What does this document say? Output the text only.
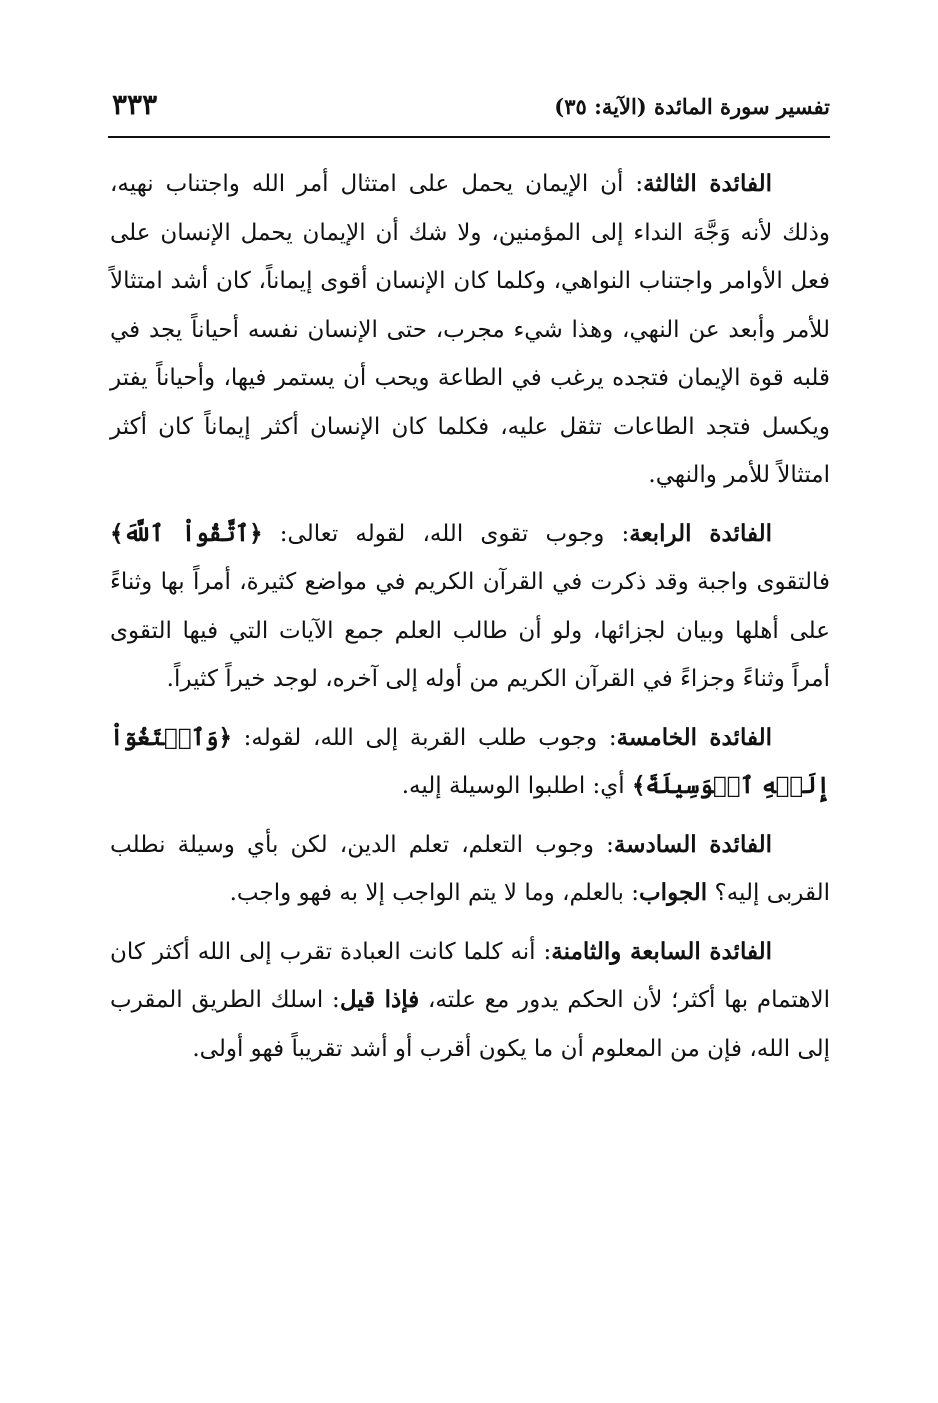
تفسير سورة المائدة (الآية: ٣٥)
٣٣٣

الفائدة الثالثة: أن الإيمان يحمل على امتثال أمر الله واجتناب نهيه، وذلك لأنه وَجَّهَ النداء إلى المؤمنين، ولا شك أن الإيمان يحمل الإنسان على فعل الأوامر واجتناب النواهي، وكلما كان الإنسان أقوى إيماناً، كان أشد امتثالاً للأمر وأبعد عن النهي، وهذا شيء مجرب، حتى الإنسان نفسه أحياناً يجد في قلبه قوة الإيمان فتجده يرغب في الطاعة ويحب أن يستمر فيها، وأحياناً يفتر ويكسل فتجد الطاعات تثقل عليه، فكلما كان الإنسان أكثر إيماناً كان أكثر امتثالاً للأمر والنهي.

الفائدة الرابعة: وجوب تقوى الله، لقوله تعالى: ﴿ٱتَّقُواْ ٱللَّهَ﴾ فالتقوى واجبة وقد ذكرت في القرآن الكريم في مواضع كثيرة، أمراً بها وثناءً على أهلها وبيان لجزائها، ولو أن طالب العلم جمع الآيات التي فيها التقوى أمراً وثناءً وجزاءً في القرآن الكريم من أوله إلى آخره، لوجد خيراً كثيراً.

الفائدة الخامسة: وجوب طلب القربة إلى الله، لقوله: ﴿وَٱبۡتَغُوٓاْ إِلَيۡهِ ٱلۡوَسِيلَةَ﴾ أي: اطلبوا الوسيلة إليه.

الفائدة السادسة: وجوب التعلم، تعلم الدين، لكن بأي وسيلة نطلب القربى إليه؟ الجواب: بالعلم، وما لا يتم الواجب إلا به فهو واجب.

الفائدة السابعة والثامنة: أنه كلما كانت العبادة تقرب إلى الله أكثر كان الاهتمام بها أكثر؛ لأن الحكم يدور مع علته، فإذا قيل: اسلك الطريق المقرب إلى الله، فإن من المعلوم أن ما يكون أقرب أو أشد تقريباً فهو أولى.
